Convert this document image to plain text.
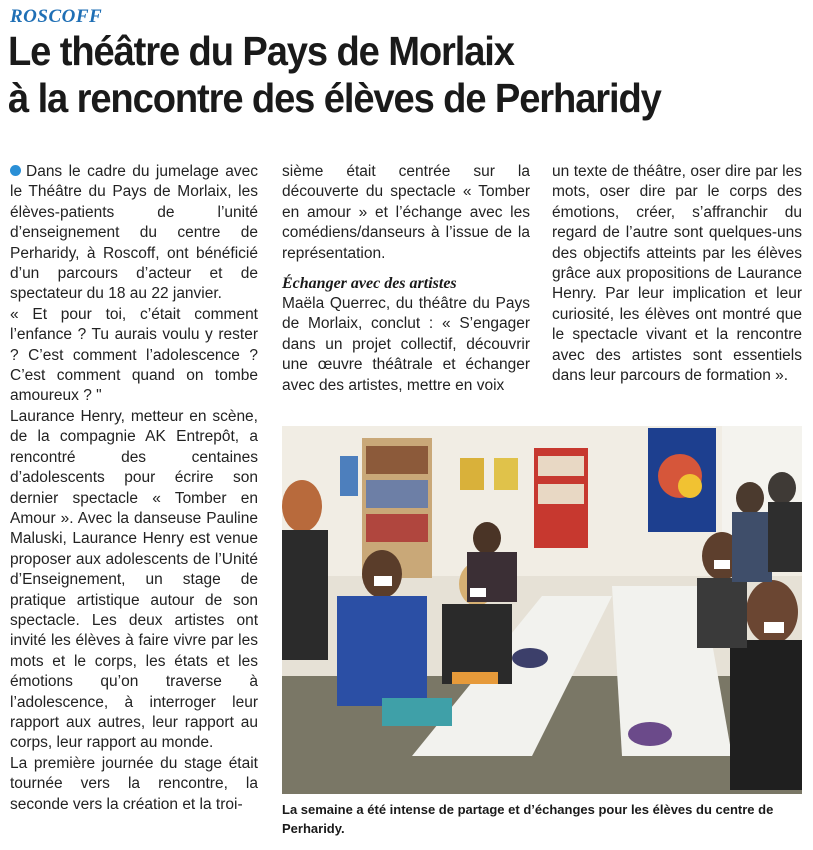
ROSCOFF
Le théâtre du Pays de Morlaix
à la rencontre des élèves de Perharidy

Dans le cadre du jumelage avec le Théâtre du Pays de Morlaix, les élèves-patients de l’unité d’enseignement du centre de Perharidy, à Roscoff, ont bénéficié d’un parcours d’acteur et de spectateur du 18 au 22 janvier.

« Et pour toi, c’était comment l’enfance ? Tu aurais voulu y rester ? C’est comment l’adolescence ? C’est comment quand on tombe amoureux ? "

Laurance Henry, metteur en scène, de la compagnie AK Entrepôt, a rencontré des centaines d’adolescents pour écrire son dernier spectacle « Tomber en Amour ». Avec la danseuse Pauline Maluski, Laurance Henry est venue proposer aux adolescents de l’Unité d’Enseignement, un stage de pratique artistique autour de son spectacle. Les deux artistes ont invité les élèves à faire vivre par les mots et le corps, les états et les émotions qu’on traverse à l’adolescence, à interroger leur rapport aux autres, leur rapport au corps, leur rapport au monde.

La première journée du stage était tournée vers la rencontre, la seconde vers la création et la troi-

sième était centrée sur la découverte du spectacle « Tomber en amour » et l’échange avec les comédiens/danseurs à l’issue de la représentation.

Échanger avec des artistes

Maëla Querrec, du théâtre du Pays de Morlaix, conclut : « S’engager dans un projet collectif, découvrir une œuvre théâtrale et échanger avec des artistes, mettre en voix

un texte de théâtre, oser dire par les mots, oser dire par le corps des émotions, créer, s’affranchir du regard de l’autre sont quelques-uns des objectifs atteints par les élèves grâce aux propositions de Laurance Henry. Par leur implication et leur curiosité, les élèves ont montré que le spectacle vivant et la rencontre avec des artistes sont essentiels dans leur parcours de formation ».

La semaine a été intense de partage et d’échanges pour les élèves du centre de Perharidy.
